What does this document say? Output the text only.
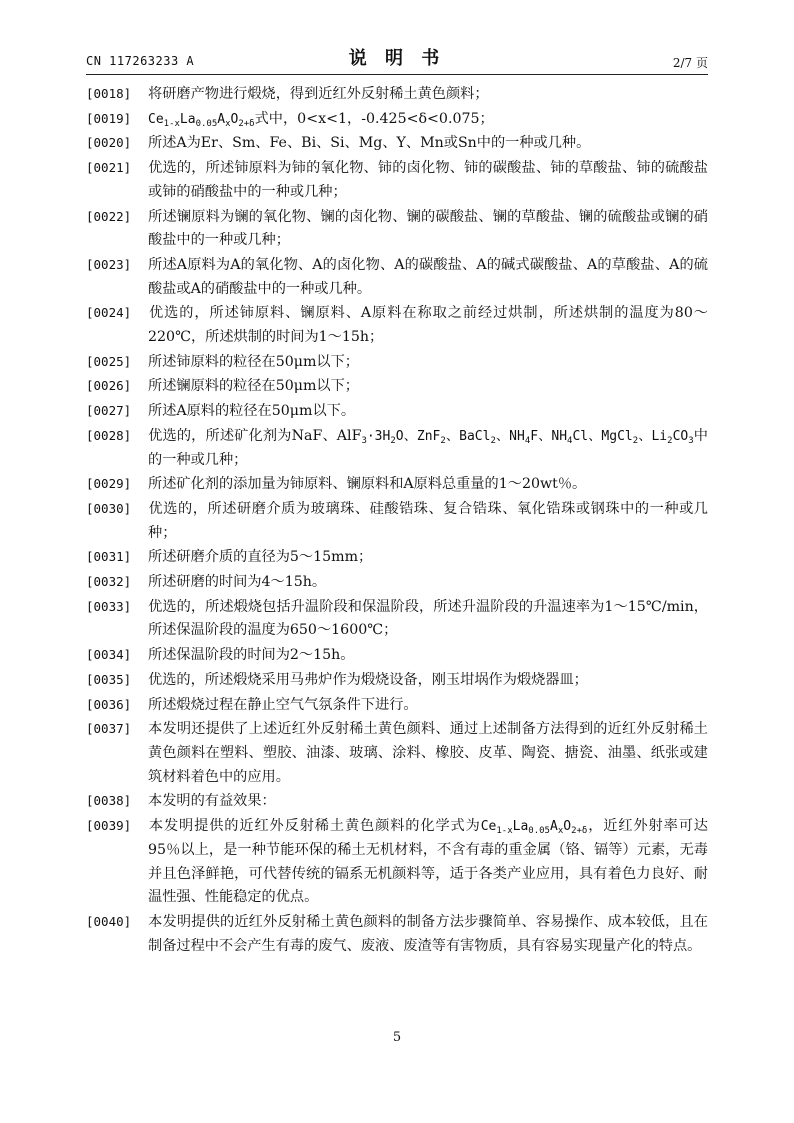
CN 117263233 A	说 明 书	2/7 页
[0018] 将研磨产物进行煅烧，得到近红外反射稀土黄色颜料；
[0019] $Ce_{1-x}La_{0.05}A_xO_{2+\delta}$式中，0<x<1，-0.425<δ<0.075；
[0020] 所述A为Er、Sm、Fe、Bi、Si、Mg、Y、Mn或Sn中的一种或几种。
[0021] 优选的，所述铈原料为铈的氧化物、铈的卤化物、铈的碳酸盐、铈的草酸盐、铈的硫酸盐或铈的硝酸盐中的一种或几种；
[0022] 所述镧原料为镧的氧化物、镧的卤化物、镧的碳酸盐、镧的草酸盐、镧的硫酸盐或镧的硝酸盐中的一种或几种；
[0023] 所述A原料为A的氧化物、A的卤化物、A的碳酸盐、A的碱式碳酸盐、A的草酸盐、A的硫酸盐或A的硝酸盐中的一种或几种。
[0024] 优选的，所述铈原料、镧原料、A原料在称取之前经过烘制，所述烘制的温度为80～220℃，所述烘制的时间为1～15h；
[0025] 所述铈原料的粒径在50μm以下；
[0026] 所述镧原料的粒径在50μm以下；
[0027] 所述A原料的粒径在50μm以下。
[0028] 优选的，所述矿化剂为NaF、$AlF_3\cdot 3H_2O$、ZnF$_2$、BaCl$_2$、$NH_4F$、$NH_4Cl$、MgCl$_2$、$Li_2CO_3$中的一种或几种；
[0029] 所述矿化剂的添加量为铈原料、镧原料和A原料总重量的1～20wt％。
[0030] 优选的，所述研磨介质为玻璃珠、硅酸锆珠、复合锆珠、氧化锆珠或钢珠中的一种或几种；
[0031] 所述研磨介质的直径为5～15mm；
[0032] 所述研磨的时间为4～15h。
[0033] 优选的，所述煅烧包括升温阶段和保温阶段，所述升温阶段的升温速率为1～15℃/min，所述保温阶段的温度为650～1600℃；
[0034] 所述保温阶段的时间为2～15h。
[0035] 优选的，所述煅烧采用马弗炉作为煅烧设备，刚玉坩埚作为煅烧器皿；
[0036] 所述煅烧过程在静止空气气氛条件下进行。
[0037] 本发明还提供了上述近红外反射稀土黄色颜料、通过上述制备方法得到的近红外反射稀土黄色颜料在塑料、塑胶、油漆、玻璃、涂料、橡胶、皮革、陶瓷、搪瓷、油墨、纸张或建筑材料着色中的应用。
[0038] 本发明的有益效果：
[0039] 本发明提供的近红外反射稀土黄色颜料的化学式为$Ce_{1-x}La_{0.05}A_xO_{2+\delta}$，近红外射率可达95％以上，是一种节能环保的稀土无机材料，不含有毒的重金属（铬、镉等）元素，无毒并且色泽鲜艳，可代替传统的镉系无机颜料等，适于各类产业应用，具有着色力良好、耐温性强、性能稳定的优点。
[0040] 本发明提供的近红外反射稀土黄色颜料的制备方法步骤简单、容易操作、成本较低，且在制备过程中不会产生有毒的废气、废液、废渣等有害物质，具有容易实现量产化的特点。
5
